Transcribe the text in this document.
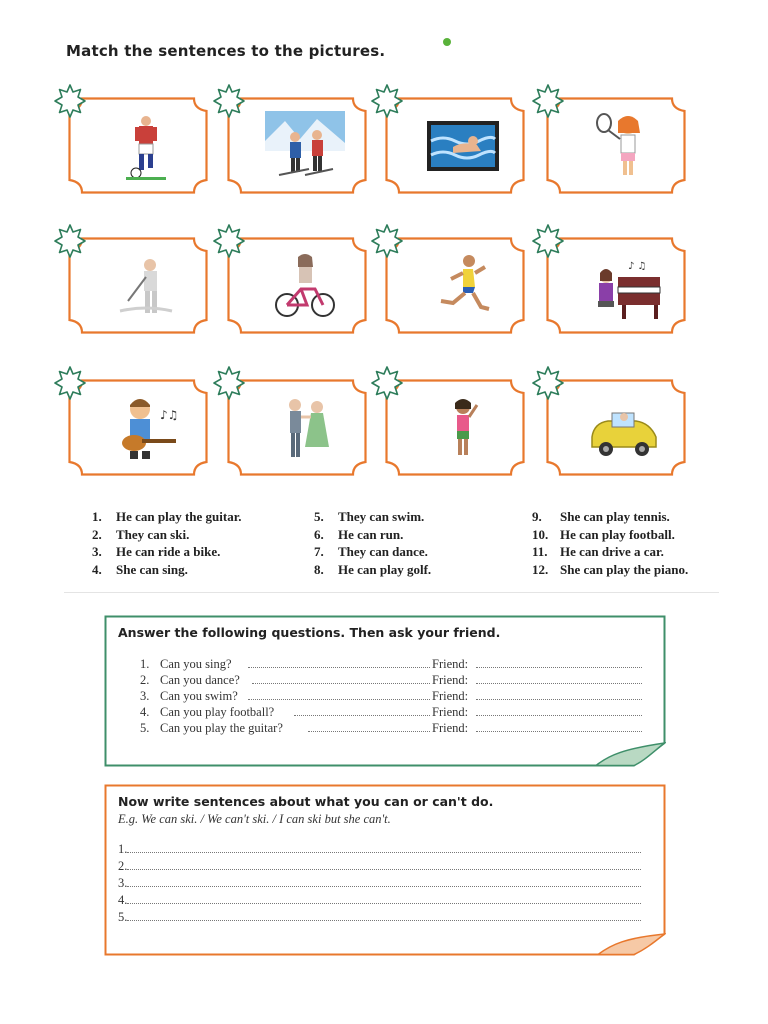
Match the sentences to the pictures.
♪ ♫
♪♫
1. He can play the guitar.
2. They can ski.
3. He can ride a bike.
4. She can sing.
5. They can swim.
6. He can run.
7. They can dance.
8. He can play golf.
9. She can play tennis.
10. He can play football.
11. He can drive a car.
12. She can play the piano.
Answer the following questions. Then ask your friend.
1. Can you sing?
2. Can you dance?
3. Can you swim?
4. Can you play football?
5. Can you play the guitar?
Friend:
Friend:
Friend:
Friend:
Friend:
Now write sentences about what you can or can't do.
E.g. We can ski. / We can't ski. / I can ski but she can't.
1.
2.
3.
4.
5.
